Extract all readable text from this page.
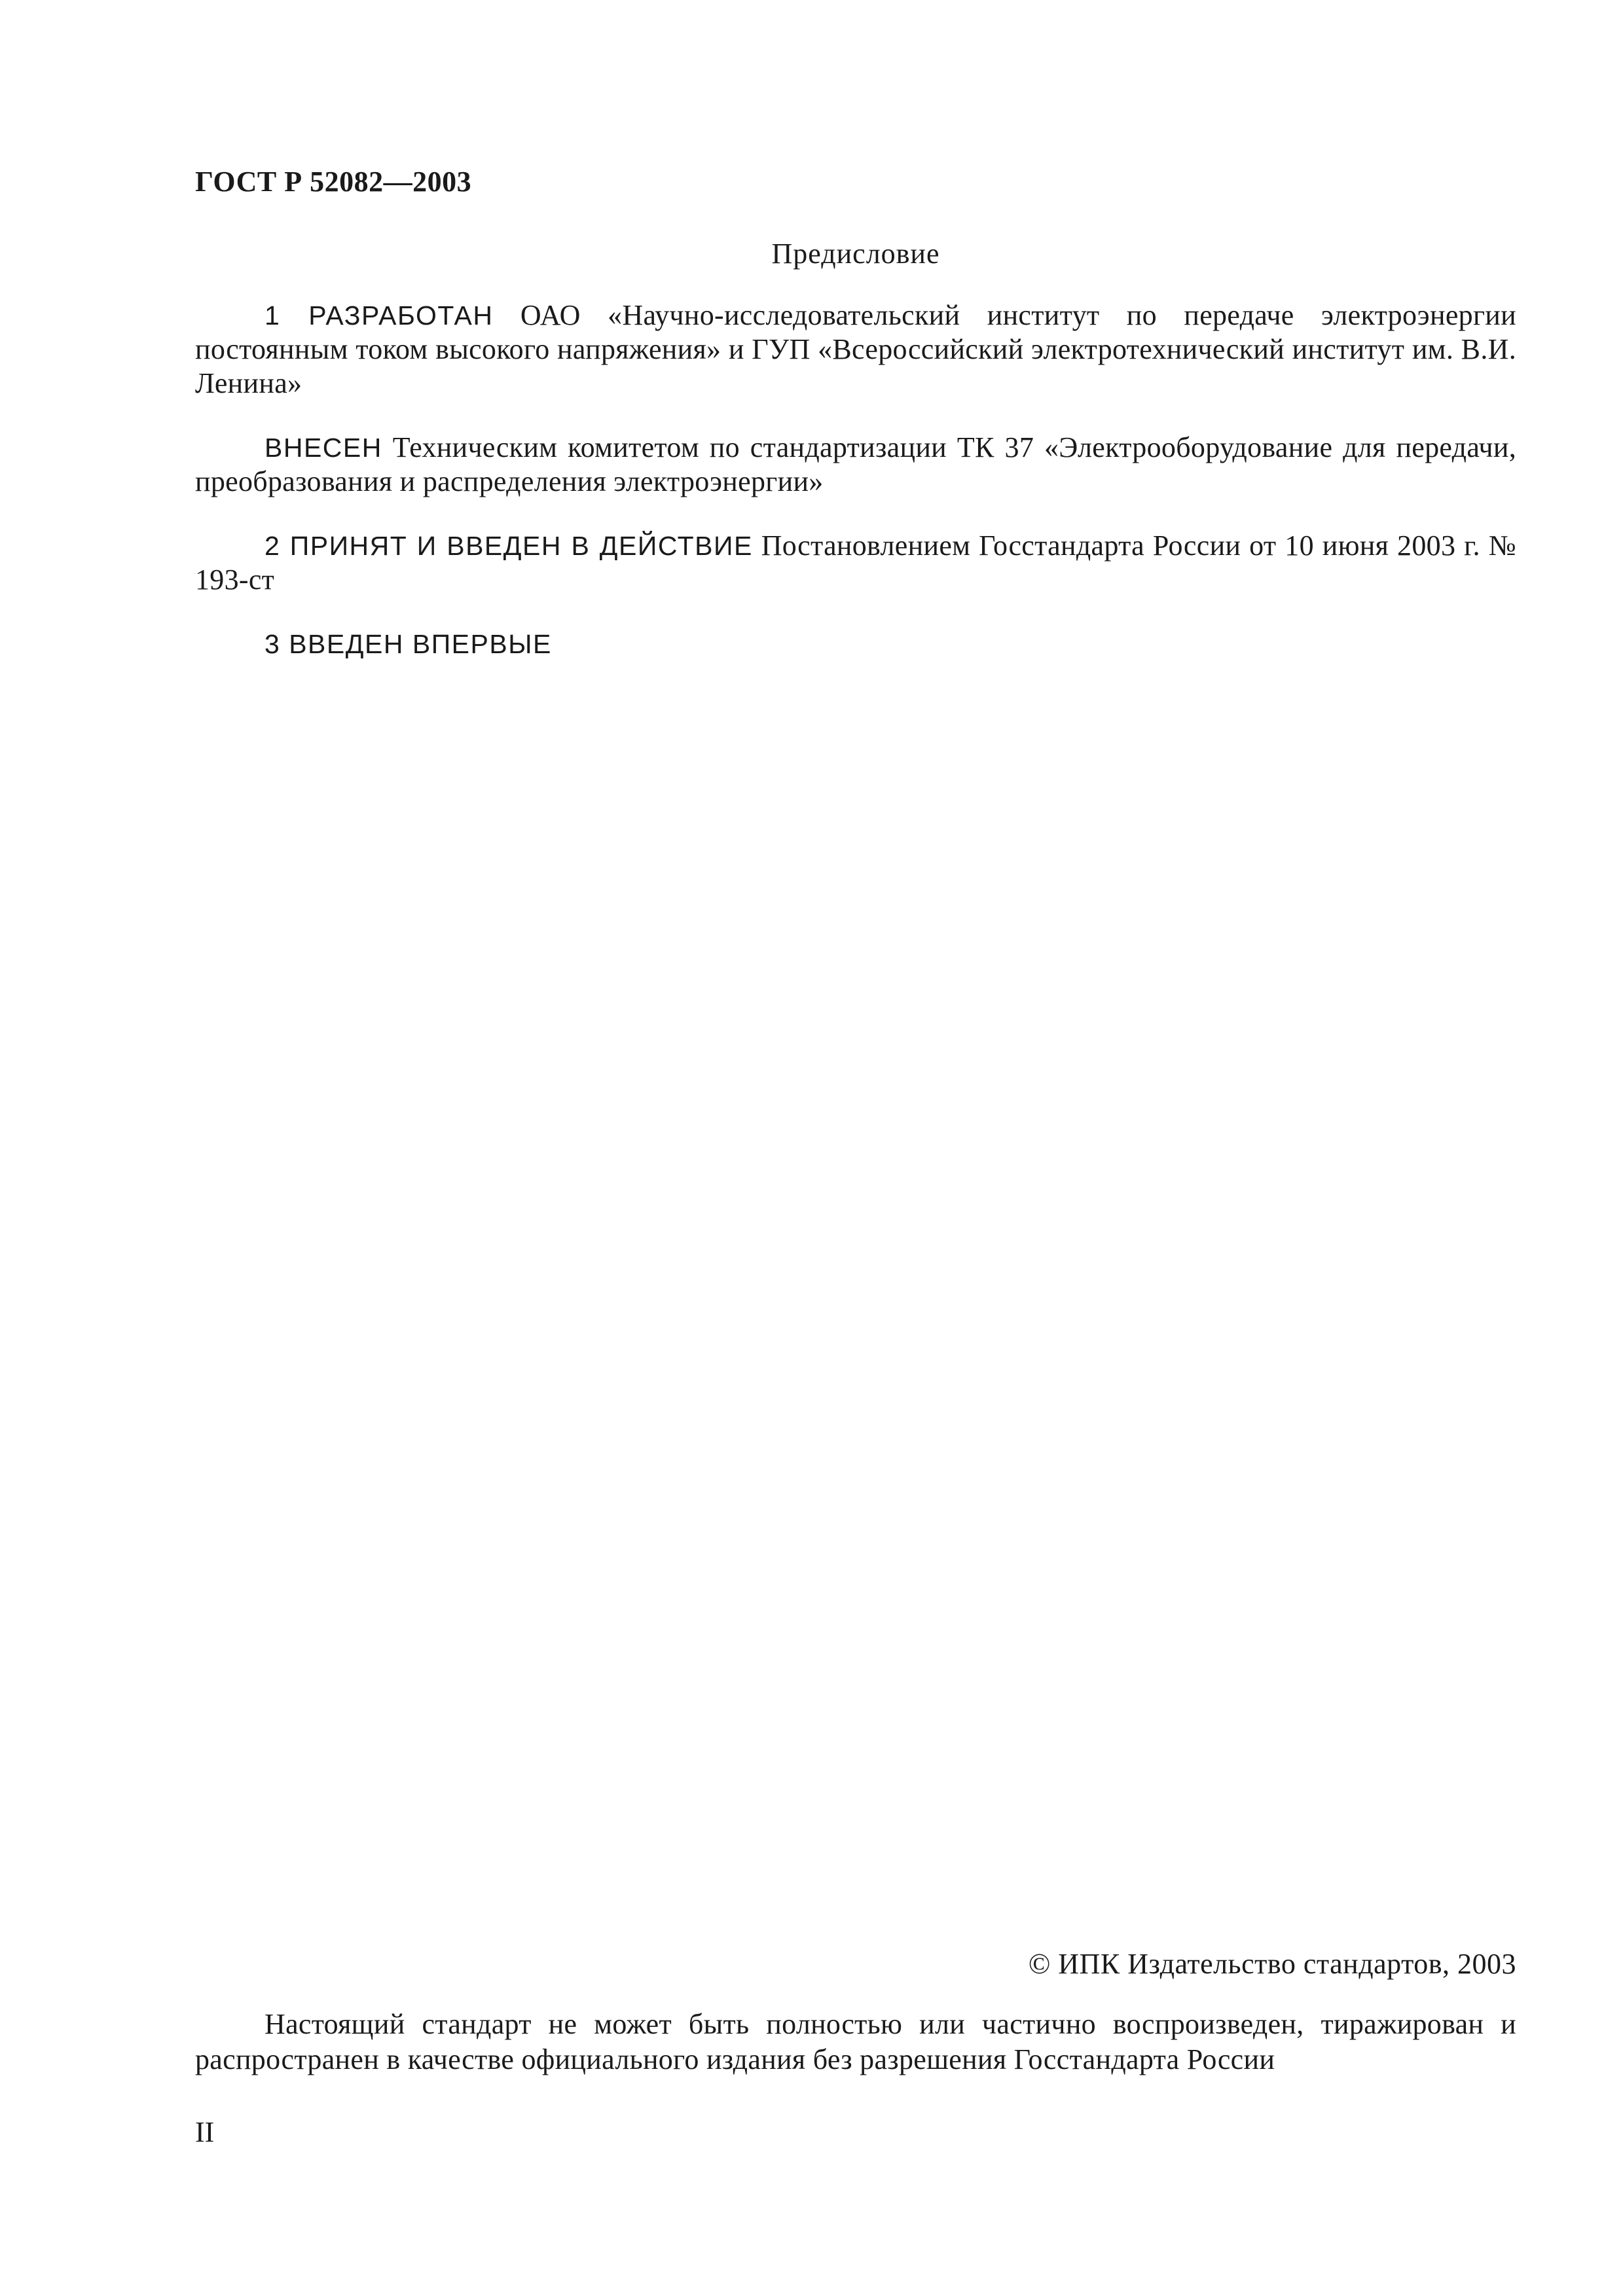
ГОСТ Р 52082—2003
Предисловие

1 РАЗРАБОТАН ОАО «Научно-исследовательский институт по передаче электроэнергии постоянным током высокого напряжения» и ГУП «Всероссийский электротехнический институт им. В.И. Ленина»

ВНЕСЕН Техническим комитетом по стандартизации ТК 37 «Электрооборудование для передачи, преобразования и распределения электроэнергии»

2 ПРИНЯТ И ВВЕДЕН В ДЕЙСТВИЕ Постановлением Госстандарта России от 10 июня 2003 г. № 193-ст

3 ВВЕДЕН ВПЕРВЫЕ

© ИПК Издательство стандартов, 2003

Настоящий стандарт не может быть полностью или частично воспроизведен, тиражирован и распространен в качестве официального издания без разрешения Госстандарта России

II
